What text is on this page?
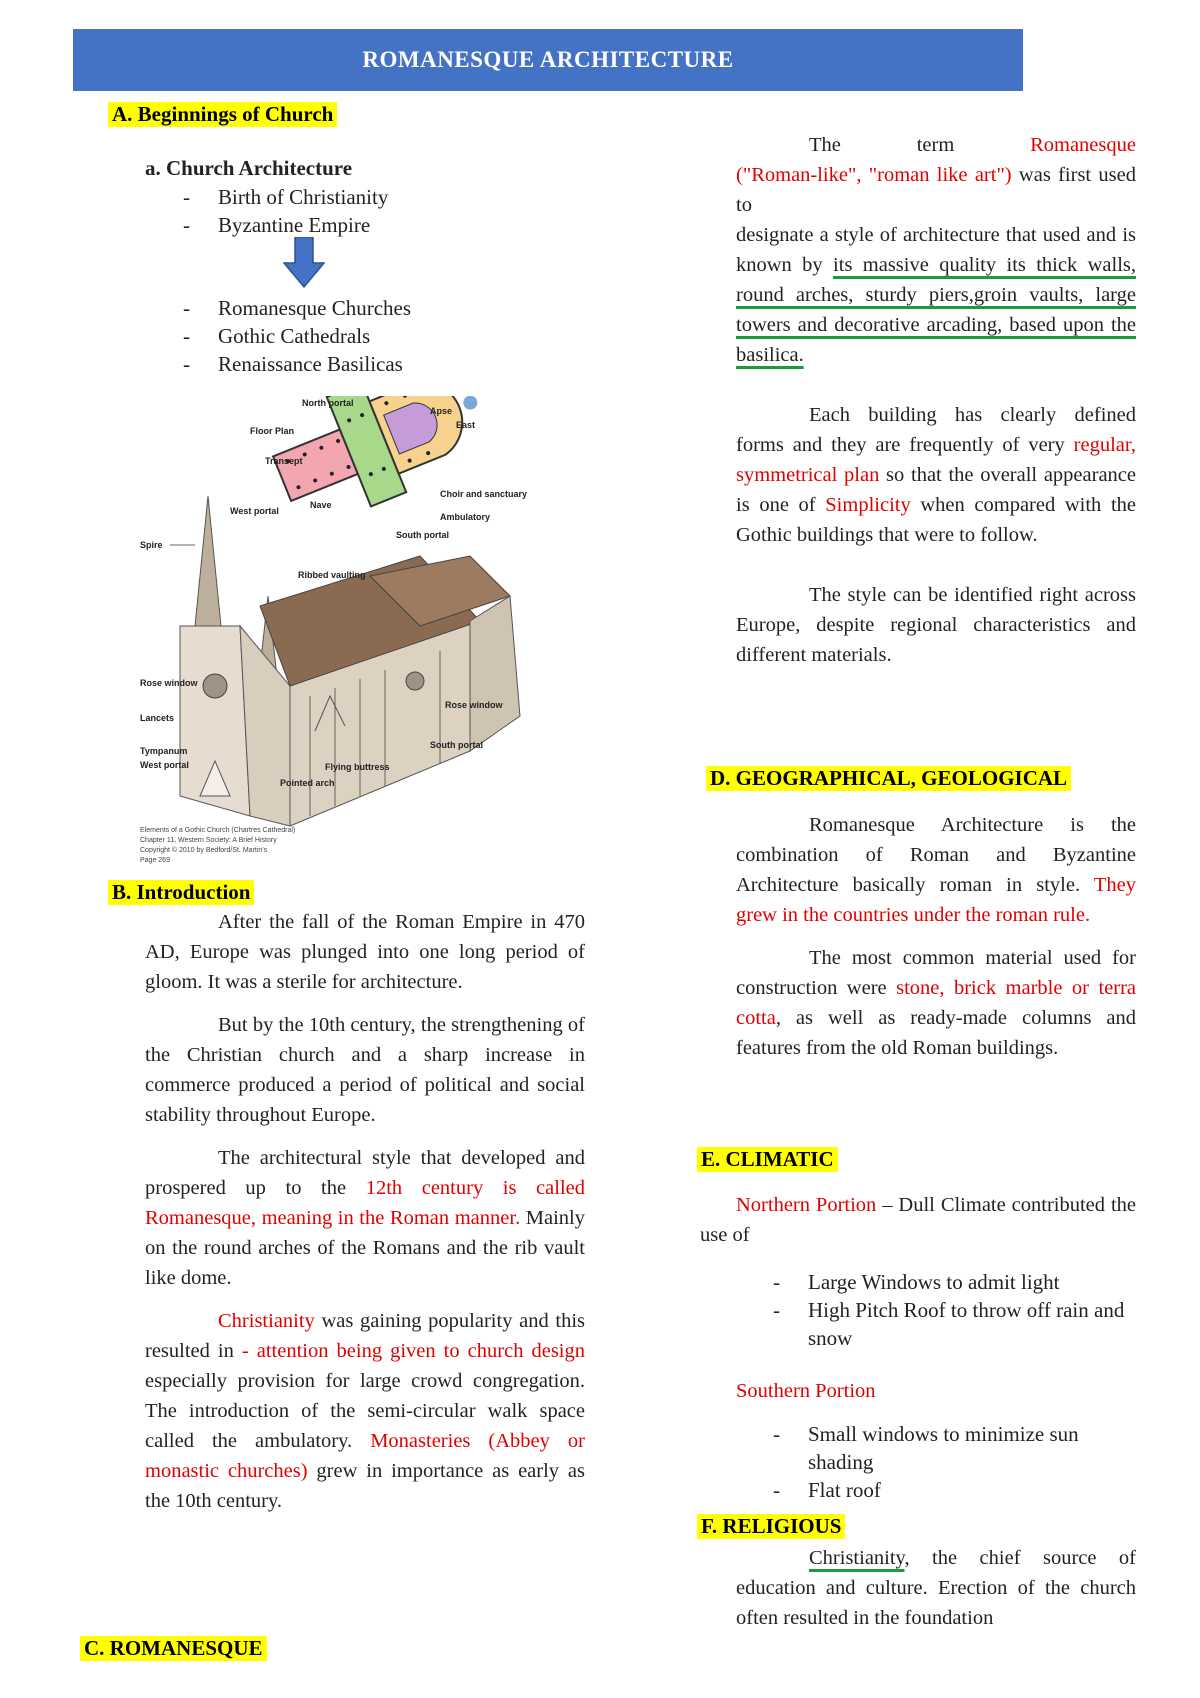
ROMANESQUE ARCHITECTURE
A. Beginnings of Church
a. Church Architecture
- Birth of Christianity
- Byzantine Empire
- Romanesque Churches
- Gothic Cathedrals
- Renaissance Basilicas
North portal
Apse
East
Floor Plan
Transept
Nave
Choir and sanctuary
Ambulatory
West portal
South portal
Spire
Ribbed vaulting
Rose window
Lancets
Rose window
Tympanum
West portal
South portal
Flying buttress
Pointed arch
Elements of a Gothic Church (Chartres Cathedral)
Chapter 11, Western Society: A Brief History
Copyright © 2010 by Bedford/St. Martin's
Page 269
B. Introduction

After the fall of the Roman Empire in 470 AD, Europe was plunged into one long period of gloom. It was a sterile for architecture.

But by the 10th century, the strengthening of the Christian church and a sharp increase in commerce produced a period of political and social stability throughout Europe.

The architectural style that developed and prospered up to the 12th century is called Romanesque, meaning in the Roman manner. Mainly on the round arches of the Romans and the rib vault like dome.

Christianity was gaining popularity and this resulted in - attention being given to church design especially provision for large crowd congregation. The introduction of the semi-circular walk space called the ambulatory. Monasteries (Abbey or monastic churches) grew in importance as early as the 10th century.

C. ROMANESQUE

The term Romanesque

("Roman-like", "roman like art") was first used to

designate a style of architecture that used and is known by its massive quality its thick walls, round arches, sturdy piers,groin vaults, large towers and decorative arcading, based upon the basilica.

Each building has clearly defined forms and they are frequently of very regular, symmetrical plan so that the overall appearance is one of Simplicity when compared with the Gothic buildings that were to follow.

The style can be identified right across Europe, despite regional characteristics and different materials.

D. GEOGRAPHICAL, GEOLOGICAL

Romanesque Architecture is the combination of Roman and Byzantine Architecture basically roman in style. They grew in the countries under the roman rule.

The most common material used for construction were stone, brick marble or terra cotta, as well as ready-made columns and features from the old Roman buildings.

E. CLIMATIC

Northern Portion – Dull Climate contributed the use of

- Large Windows to admit light
- High Pitch Roof to throw off rain and snow
Southern Portion
- Small windows to minimize sun shading
- Flat roof
F. RELIGIOUS

Christianity, the chief source of education and culture. Erection of the church often resulted in the foundation
